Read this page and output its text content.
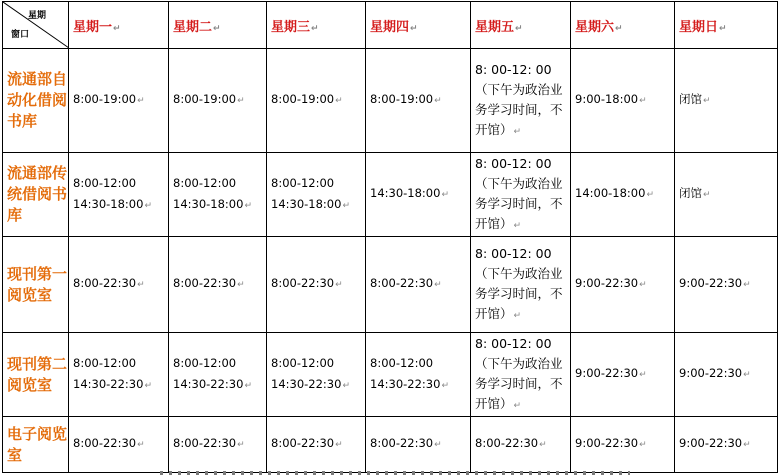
星期
窗口	星期一↵	星期二↵	星期三↵	星期四↵	星期五↵	星期六↵	星期日↵
流通部自动化借阅书库	8:00-19:00↵	8:00-19:00↵	8:00-19:00↵	8:00-19:00↵	8: 00-12: 00（下午为政治业务学习时间，不开馆）↵	9:00-18:00↵	闭馆↵

流通部传统借阅书库	8:00-12:00
14:30-18:00↵	8:00-12:00
14:30-18:00↵	8:00-12:00
14:30-18:00↵	14:30-18:00↵	8: 00-12: 00（下午为政治业务学习时间，不开馆）↵	14:00-18:00↵	闭馆↵

现刊第一阅览室	8:00-22:30↵	8:00-22:30↵	8:00-22:30↵	8:00-22:30↵	8: 00-12: 00（下午为政治业务学习时间，不开馆）↵	9:00-22:30↵	9:00-22:30↵

现刊第二阅览室	8:00-12:00
14:30-22:30↵	8:00-12:00
14:30-22:30↵	8:00-12:00
14:30-22:30↵	8:00-12:00
14:30-22:30↵	8: 00-12: 00（下午为政治业务学习时间，不开馆）↵	9:00-22:30↵	9:00-22:30↵

电子阅览室	8:00-22:30↵	8:00-22:30↵	8:00-22:30↵	8:00-22:30↵	8:00-22:30↵	9:00-22:30↵	9:00-22:30↵
